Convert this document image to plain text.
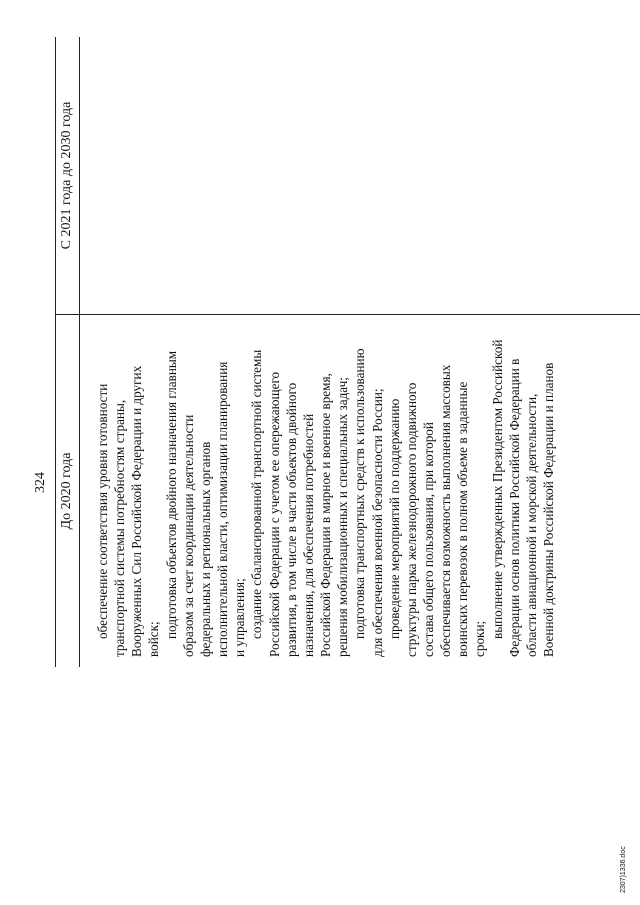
324 До 2020 года
С 2021 года до 2030 года
обеспечение соответствия уровня готовности транспортной системы потребностям страны, Вооруженных Сил Российской Федерации и других войск;
подготовка объектов двойного назначения главным образом за счет координации деятельности федеральных и региональных органов исполнительной власти, оптимизации планирования и управления; создание сбалансированной транспортной системы Российской Федерации с учетом ее опережающего развития, в том числе в части объектов двойного назначения, для обеспечения потребностей Российской Федерации в мирное и военное время, решения мобилизационных и специальных задач; подготовка транспортных средств к использованию для обеспечения военной безопасности России; проведение мероприятий по поддержанию структуры парка железнодорожного подвижного состава общего пользования, при которой обеспечивается возможность выполнения массовых воинских перевозок в полном объеме в заданные сроки; выполнение утвержденных Президентом Российской Федерации основ политики Российской Федерации в области авиационной и морской деятельности, Военной доктрины Российской Федерации и планов
2307)1336.doc
